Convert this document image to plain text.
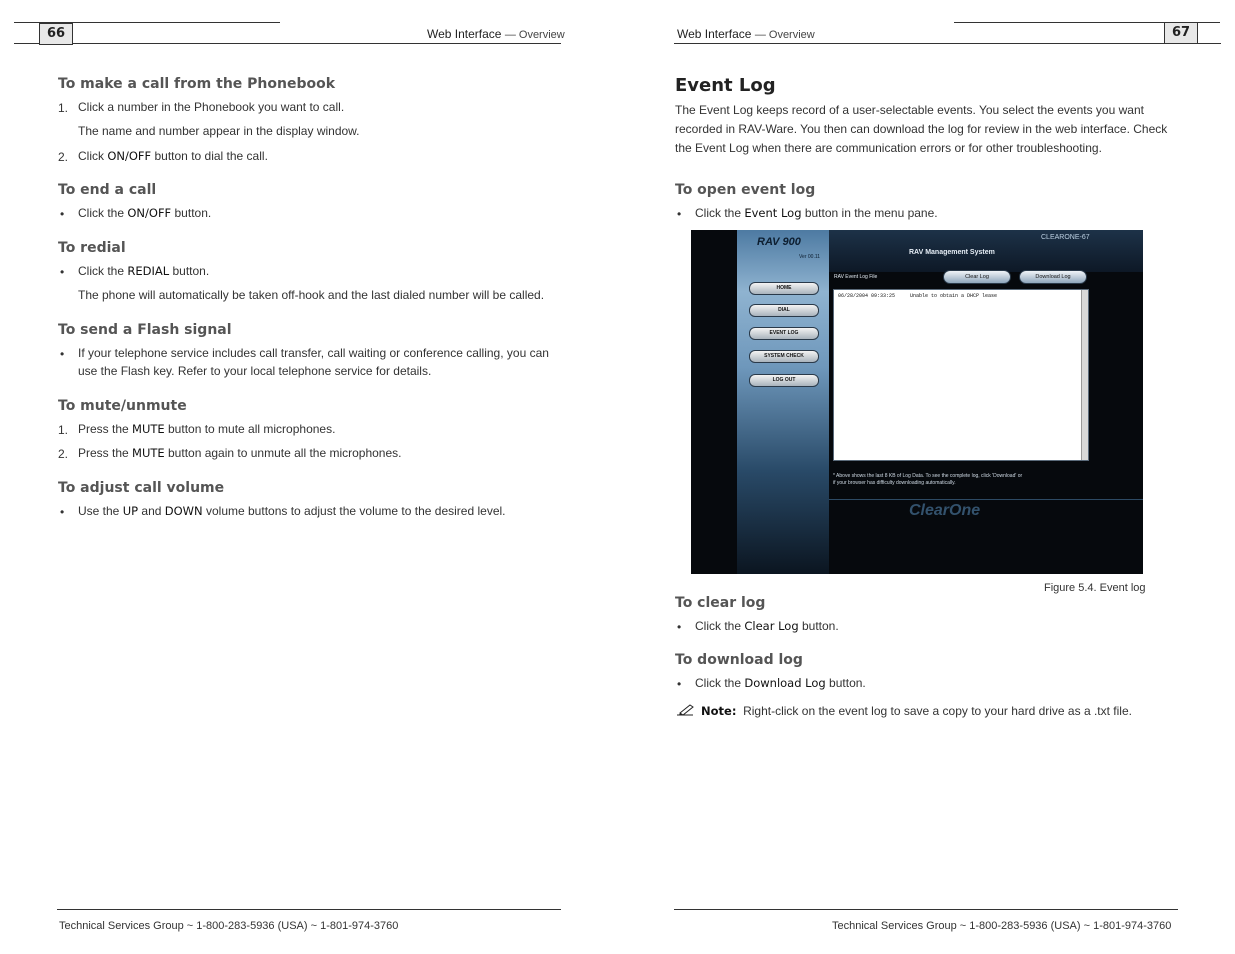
66	Web Interface — Overview
To make a call from the Phonebook
1. Click a number in the Phonebook you want to call.
The name and number appear in the display window.
2. Click ON/OFF button to dial the call.
To end a call
• Click the ON/OFF button.
To redial
• Click the REDIAL button.
The phone will automatically be taken off-hook and the last dialed number will be called.
To send a Flash signal
• If your telephone service includes call transfer, call waiting or conference calling, you can
use the Flash key. Refer to your local telephone service for details.
To mute/unmute
1. Press the MUTE button to mute all microphones.
2. Press the MUTE button again to unmute all the microphones.
To adjust call volume
• Use the UP and DOWN volume buttons to adjust the volume to the desired level.
Technical Services Group ~ 1-800-283-5936 (USA) ~ 1-801-974-3760
67
Web Interface — Overview
Event Log
The Event Log keeps record of a user-selectable events. You select the events you want
recorded in RAV-Ware. You then can download the log for review in the web interface. Check
the Event Log when there are communication errors or for other troubleshooting.
To open event log
• Click the Event Log button in the menu pane.
RAV 900
Ver 00.11
RAV Management System
CLEARONE-67
HOME
DIAL
EVENT LOG
SYSTEM CHECK
LOG OUT
RAV Event Log File	Clear Log	Download Log
06/28/2004 09:33:25     Unable to obtain a DHCP lease
* Above shows the last 8 KB of Log Data. To see the complete log, click 'Download' or
if your browser has difficulty downloading automatically.
ClearOne
Figure 5.4. Event log
To clear log
• Click the Clear Log button.
To download log
• Click the Download Log button.
Note: Right-click on the event log to save a copy to your hard drive as a .txt file.
Technical Services Group ~ 1-800-283-5936 (USA) ~ 1-801-974-3760
